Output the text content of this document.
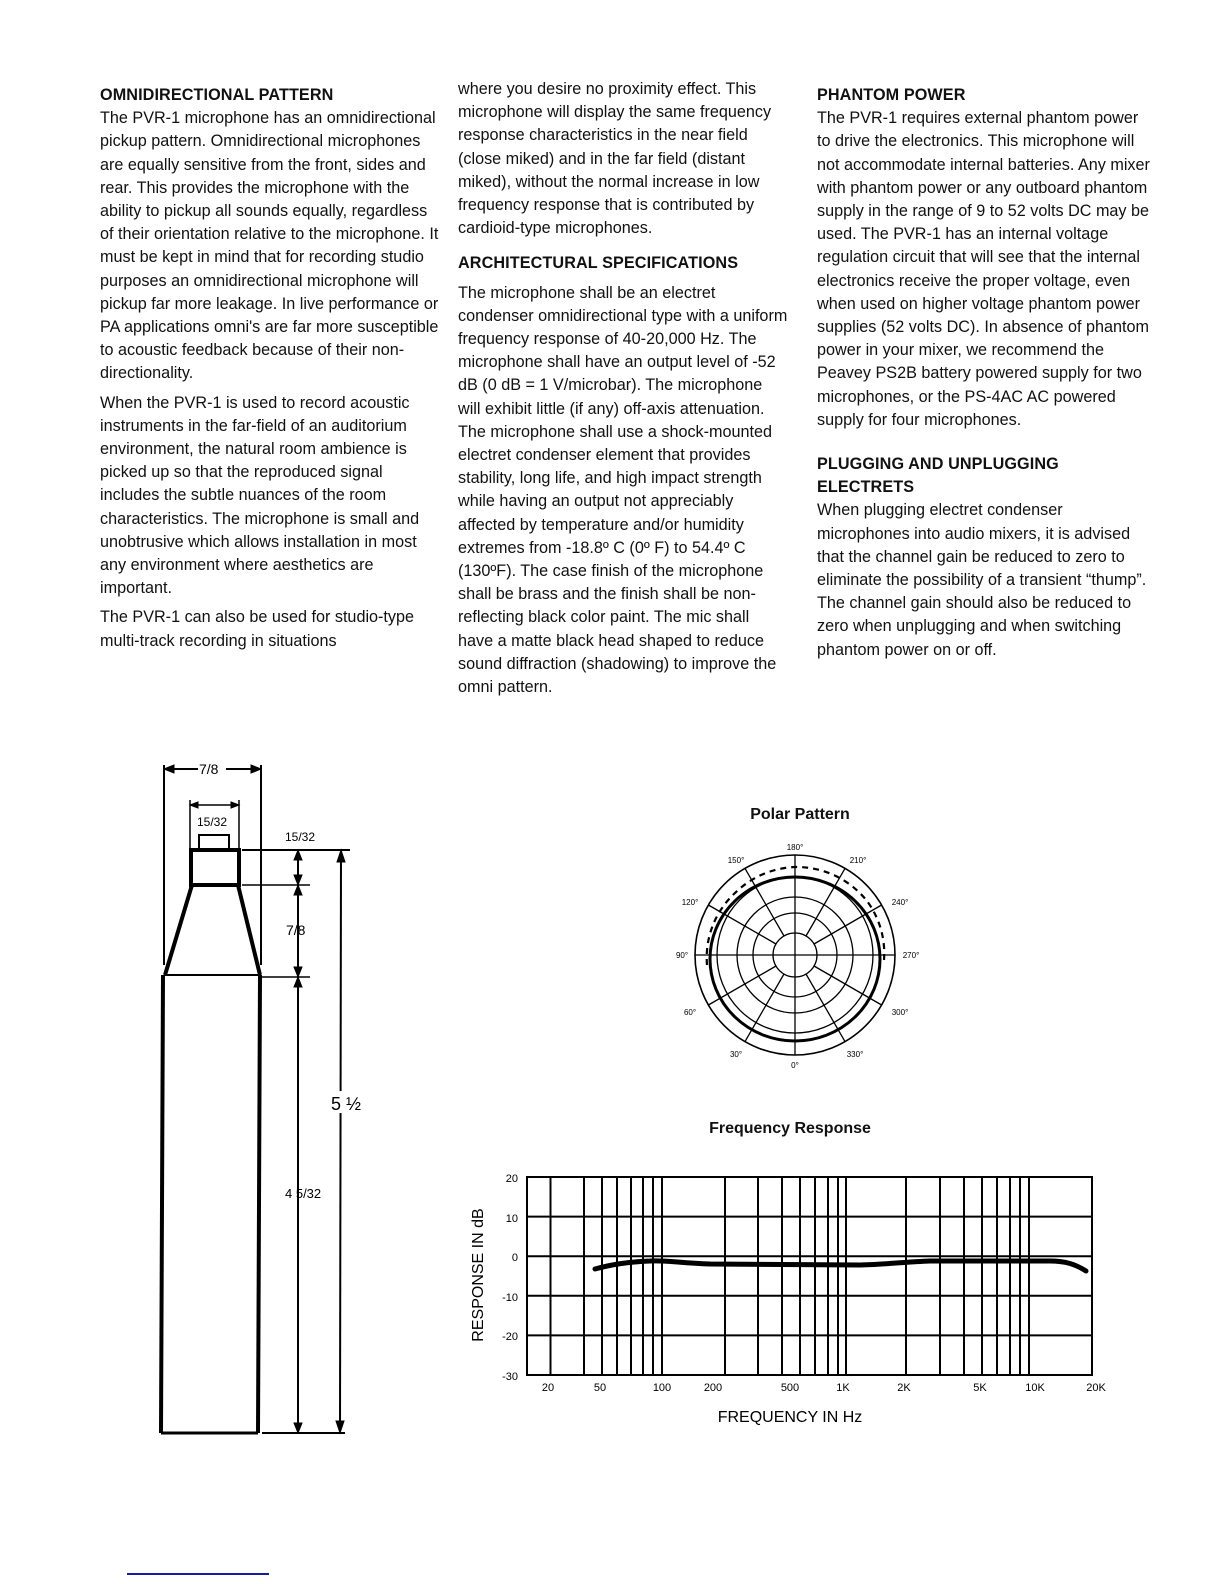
OMNIDIRECTIONAL PATTERN

The PVR-1 microphone has an omnidirectional pickup pattern. Omnidirectional microphones are equally sensitive from the front, sides and rear. This provides the microphone with the ability to pickup all sounds equally, regardless of their orientation relative to the microphone. It must be kept in mind that for recording studio purposes an omnidirectional microphone will pickup far more leakage. In live performance or PA applications omni's are far more susceptible to acoustic feedback because of their non-directionality.

When the PVR-1 is used to record acoustic instruments in the far-field of an auditorium environment, the natural room ambience is picked up so that the reproduced signal includes the subtle nuances of the room characteristics. The microphone is small and unobtrusive which allows installation in most any environment where aesthetics are important.

The PVR-1 can also be used for studio-type multi-track recording in situations

where you desire no proximity effect. This microphone will display the same frequency response characteristics in the near field (close miked) and in the far field (distant miked), without the normal increase in low frequency response that is contributed by cardioid-type microphones.

ARCHITECTURAL SPECIFICATIONS

The microphone shall be an electret condenser omnidirectional type with a uniform frequency response of 40-20,000 Hz. The microphone shall have an output level of -52 dB (0 dB = 1 V/microbar). The microphone will exhibit little (if any) off-axis attenuation. The microphone shall use a shock-mounted electret condenser element that provides stability, long life, and high impact strength while having an output not appreciably affected by temperature and/or humidity extremes from -18.8º C (0º F) to 54.4º C (130ºF). The case finish of the microphone shall be brass and the finish shall be non-reflecting black color paint. The mic shall have a matte black head shaped to reduce sound diffraction (shadowing) to improve the omni pattern.

PHANTOM POWER

The PVR-1 requires external phantom power to drive the electronics. This microphone will not accommodate internal batteries. Any mixer with phantom power or any outboard phantom supply in the range of 9 to 52 volts DC may be used. The PVR-1 has an internal voltage regulation circuit that will see that the internal electronics receive the proper voltage, even when used on higher voltage phantom power supplies (52 volts DC). In absence of phantom power in your mixer, we recommend the Peavey PS2B battery powered supply for two microphones, or the PS-4AC AC powered supply for four microphones.

PLUGGING AND UNPLUGGING ELECTRETS

When plugging electret condenser microphones into audio mixers, it is advised that the channel gain be reduced to zero to eliminate the possibility of a transient “thump”. The channel gain should also be reduced to zero when unplugging and when switching phantom power on or off.

7/8
15/32
15/32
7/8
4 5/32
5 ½
Polar Pattern
0°
30°
60°
90°
120°
150°
180°
210°
240°
270°
300°
330°
Frequency Response
20
10
0
-10
-20
-30
20	50	100	200	500	1K	2K	5K	10K	20K
FREQUENCY IN Hz
RESPONSE IN dB
